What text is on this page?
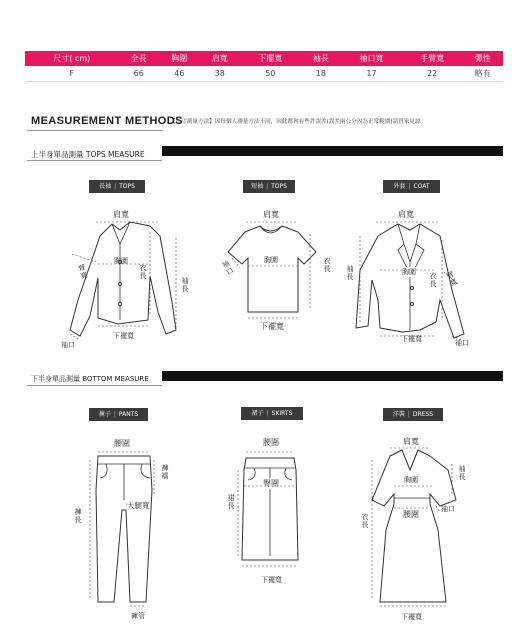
尺寸( cm)	全長	胸圍	肩寬	下擺寬	袖長	袖口寬	手臂寬	彈性
F	66	46	38	50	18	17	22	略有
MEASUREMENT METHODS
【尺寸測量方法】因每個人測量方法不同，因此都會有些許誤差(誤差兩公分內為正常範圍)請買家見諒。
上半身單品測量 TOPS MEASURE
長袖 | TOPS	短袖 | TOPS	外套 | COAT
肩寬
胸圍
衣長
袖長
臂寬
下襬寬
袖口
肩寬
胸圍	衣長
下襬寬
袖口
肩寬
胸圍 衣長
袖長	臂寬
下襬寬	袖口
下半身單品測量 BOTTOM MEASURE
褲子 | PANTS	裙子 | SKIRTS	洋裝 | DRESS
腰圍
褲襠
大腿寬
褲長
褲管
腰圍
臀圍
裙長
下襬寬
肩寬
胸圍
腰圍
袖長
袖口
衣長
下襬寬
